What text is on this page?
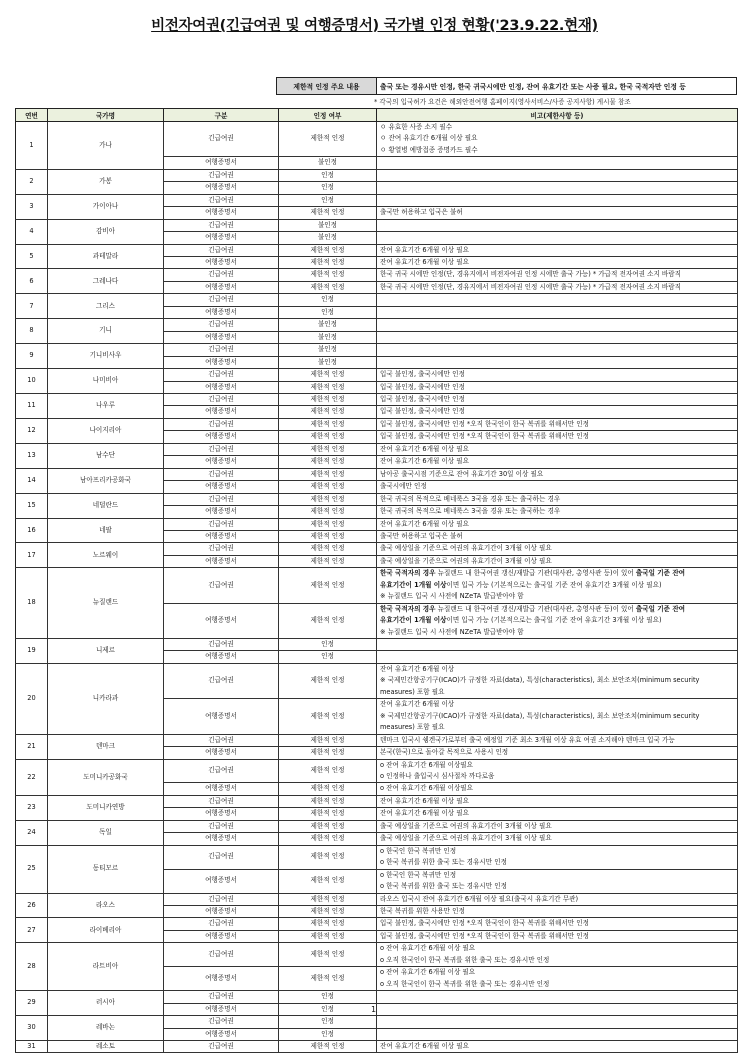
비전자여권(긴급여권 및 여행증명서) 국가별 인정 현황('23.9.22.현재)
제한적 인정 주요 내용	출국 또는 경유시만 인정, 한국 귀국시에만 인정, 잔여 유효기간 또는 사증 필요, 한국 국적자만 인정 등
* 각국의 입국허가 요건은 해외안전여행 홈페이지(영사서비스/사증 공지사항) 게시물 참조
연번	국가명	구분	인정 여부	비고(제한사항 등)
1	가나	긴급여권	제한적 인정	ㅇ 유효한 사증 소지 필수
ㅇ 잔여 유효기간 6개월 이상 필요
ㅇ 황열병 예방접종 증명카드 필수

		여행증명서	불인정	
2	가봉	긴급여권	인정	
		여행증명서	인정	
3	가이아나	긴급여권	인정	
		여행증명서	제한적 인정	출국만 허용하고 입국은 불허

4	감비아	긴급여권	불인정	
		여행증명서	불인정	
5	과테말라	긴급여권	제한적 인정	잔여 유효기간 6개월 이상 필요

		여행증명서	제한적 인정	잔여 유효기간 6개월 이상 필요

6	그레나다	긴급여권	제한적 인정	한국 귀국 시에만 인정(단, 경유지에서 비전자여권 인정 시에만 출국 가능) * 가급적 전자여권 소지 바람직

		여행증명서	제한적 인정	한국 귀국 시에만 인정(단, 경유지에서 비전자여권 인정 시에만 출국 가능) * 가급적 전자여권 소지 바람직

7	그리스	긴급여권	인정	
		여행증명서	인정	
8	기니	긴급여권	불인정	
		여행증명서	불인정	
9	기니비사우	긴급여권	불인정	
		여행증명서	불인정	
10	나미비아	긴급여권	제한적 인정	입국 불인정, 출국시에만 인정

		여행증명서	제한적 인정	입국 불인정, 출국시에만 인정

11	나우루	긴급여권	제한적 인정	입국 불인정, 출국시에만 인정

		여행증명서	제한적 인정	입국 불인정, 출국시에만 인정

12	나이지리아	긴급여권	제한적 인정	입국 불인정, 출국시에만 인정 *오직 한국인이 한국 복귀를 위해서만 인정

		여행증명서	제한적 인정	입국 불인정, 출국시에만 인정 *오직 한국인이 한국 복귀를 위해서만 인정

13	남수단	긴급여권	제한적 인정	잔여 유효기간 6개월 이상 필요

		여행증명서	제한적 인정	잔여 유효기간 6개월 이상 필요

14	남아프리카공화국	긴급여권	제한적 인정	남아공 출국시점 기준으로 잔여 유효기간 30일 이상 필요

		여행증명서	제한적 인정	출국시에만 인정

15	네덜란드	긴급여권	제한적 인정	한국 귀국의 목적으로 베네룩스 3국을 경유 또는 출국하는 경우

		여행증명서	제한적 인정	한국 귀국의 목적으로 베네룩스 3국을 경유 또는 출국하는 경우

16	네팔	긴급여권	제한적 인정	잔여 유효기간 6개월 이상 필요

		여행증명서	제한적 인정	출국만 허용하고 입국은 불허

17	노르웨이	긴급여권	제한적 인정	출국 예상일을 기준으로 여권의 유효기간이 3개월 이상 필요

		여행증명서	제한적 인정	출국 예상일을 기준으로 여권의 유효기간이 3개월 이상 필요

18	뉴질랜드	긴급여권	제한적 인정	한국 국적자의 경우 뉴질랜드 내 한국여권 갱신/재발급 기관(대사관, 총영사관 등)이 있어 출국일 기준 잔여
유효기간이 1개월 이상이면 입국 가능 (기본적으로는 출국일 기준 잔여 유효기간 3개월 이상 필요)
※ 뉴질랜드 입국 시 사전에 NZeTA 발급받아야 함

		여행증명서	제한적 인정	한국 국적자의 경우 뉴질랜드 내 한국여권 갱신/재발급 기관(대사관, 총영사관 등)이 있어 출국일 기준 잔여
유효기간이 1개월 이상이면 입국 가능 (기본적으로는 출국일 기준 잔여 유효기간 3개월 이상 필요)
※ 뉴질랜드 입국 시 사전에 NZeTA 발급받아야 함

19	니제르	긴급여권	인정	
		여행증명서	인정	
20	니카라과	긴급여권	제한적 인정	잔여 유효기간 6개월 이상
※ 국제민간항공기구(ICAO)가 규정한 자료(data), 특성(characteristics), 최소 보안조치(minimum security
measures) 포함 필요

		여행증명서	제한적 인정	잔여 유효기간 6개월 이상
※ 국제민간항공기구(ICAO)가 규정한 자료(data), 특성(characteristics), 최소 보안조치(minimum security
measures) 포함 필요

21	덴마크	긴급여권	제한적 인정	덴마크 입국시 쉥겐국가로부터 출국 예정일 기준 최소 3개월 이상 유효 여권 소지해야 덴마크 입국 가능

		여행증명서	제한적 인정	본국(한국)으로 돌아갈 목적으로 사용시 인정

22	도미니카공화국	긴급여권	제한적 인정	o 잔여 유효기간 6개월 이상필요
o 인정하나 출입국시 심사절차 까다로움

		여행증명서	제한적 인정	o 잔여 유효기간 6개월 이상필요

23	도미니카연방	긴급여권	제한적 인정	잔여 유효기간 6개월 이상 필요

		여행증명서	제한적 인정	잔여 유효기간 6개월 이상 필요

24	독일	긴급여권	제한적 인정	출국 예상일을 기준으로 여권의 유효기간이 3개월 이상 필요

		여행증명서	제한적 인정	출국 예상일을 기준으로 여권의 유효기간이 3개월 이상 필요

25	동티모르	긴급여권	제한적 인정	o 한국인 한국 복귀만 인정
o 한국 복귀를 위한 출국 또는 경유시만 인정

		여행증명서	제한적 인정	o 한국인 한국 복귀만 인정
o 한국 복귀를 위한 출국 또는 경유시만 인정

26	라오스	긴급여권	제한적 인정	라오스 입국시 잔여 유효기간 6개월 이상 필요(출국시 유효기간 무관)

		여행증명서	제한적 인정	한국 복귀를 위한 사용만 인정

27	라이베리아	긴급여권	제한적 인정	입국 불인정, 출국시에만 인정 *오직 한국인이 한국 복귀를 위해서만 인정

		여행증명서	제한적 인정	입국 불인정, 출국시에만 인정 *오직 한국인이 한국 복귀를 위해서만 인정

28	라트비아	긴급여권	제한적 인정	o 잔여 유효기간 6개월 이상 필요
o 오직 한국인이 한국 복귀를 위한 출국 또는 경유시만 인정

		여행증명서	제한적 인정	o 잔여 유효기간 6개월 이상 필요
o 오직 한국인이 한국 복귀를 위한 출국 또는 경유시만 인정

29	러시아	긴급여권	인정	
		여행증명서	인정	
30	레바논	긴급여권	인정	
		여행증명서	인정	
31	레소토	긴급여권	제한적 인정	잔여 유효기간 6개월 이상 필요
1
